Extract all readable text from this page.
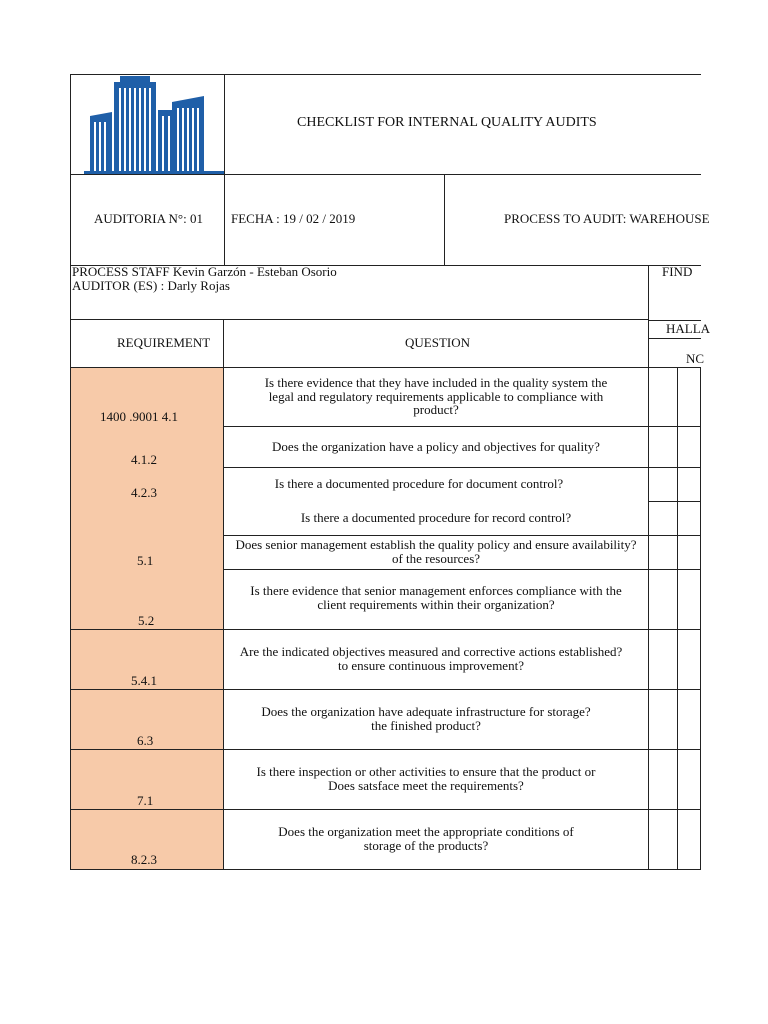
CHECKLIST FOR INTERNAL QUALITY AUDITS
AUDITORIA N°: 01 FECHA : 19 / 02 / 2019	PROCESS TO AUDIT: WAREHOUSE
PROCESS STAFF Kevin Garzón - Esteban Osorio
AUDITOR (ES) : Darly Rojas
FIND
HALLA
NC
REQUIREMENT	QUESTION
1400 .9001 4.1
4.1.2
4.2.3
5.1
5.2
5.4.1
6.3
7.1
8.2.3
Is there evidence that they have included in the quality system the
legal and regulatory requirements applicable to compliance with
product?
Does the organization have a policy and objectives for quality?
Is there a documented procedure for document control?
Is there a documented procedure for record control?
Does senior management establish the quality policy and ensure availability?
of the resources?
Is there evidence that senior management enforces compliance with the
client requirements within their organization?
Are the indicated objectives measured and corrective actions established?
to ensure continuous improvement?
Does the organization have adequate infrastructure for storage?
the finished product?
Is there inspection or other activities to ensure that the product or
Does satsface meet the requirements?
Does the organization meet the appropriate conditions of
storage of the products?
